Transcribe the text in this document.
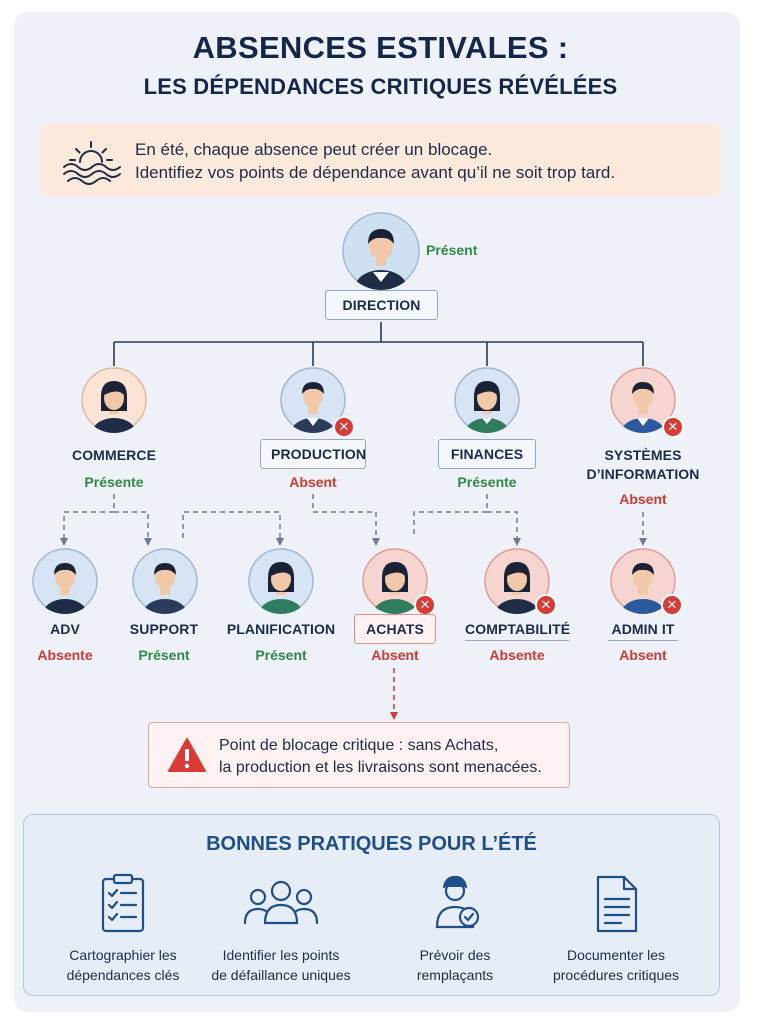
ABSENCES ESTIVALES :
LES DÉPENDANCES CRITIQUES RÉVÉLÉES
En été, chaque absence peut créer un blocage.
Identifiez vos points de dépendance avant qu’il ne soit trop tard.
Présent
DIRECTION
COMMERCE
Présente
✕
PRODUCTION
Absent
FINANCES
Présente
✕
SYSTÈMES
D’INFORMATION
Absent
ADV
Absente
SUPPORT
Présent
PLANIFICATION
Présent
✕
ACHATS
Absent
✕
COMPTABILITÉ
Absente
✕
ADMIN IT
Absent
Point de blocage critique : sans Achats,
la production et les livraisons sont menacées.
BONNES PRATIQUES POUR L’ÉTÉ
Cartographier les
dépendances clés
Identifier les points
de défaillance uniques
Prévoir des
remplaçants
Documenter les
procédures critiques
